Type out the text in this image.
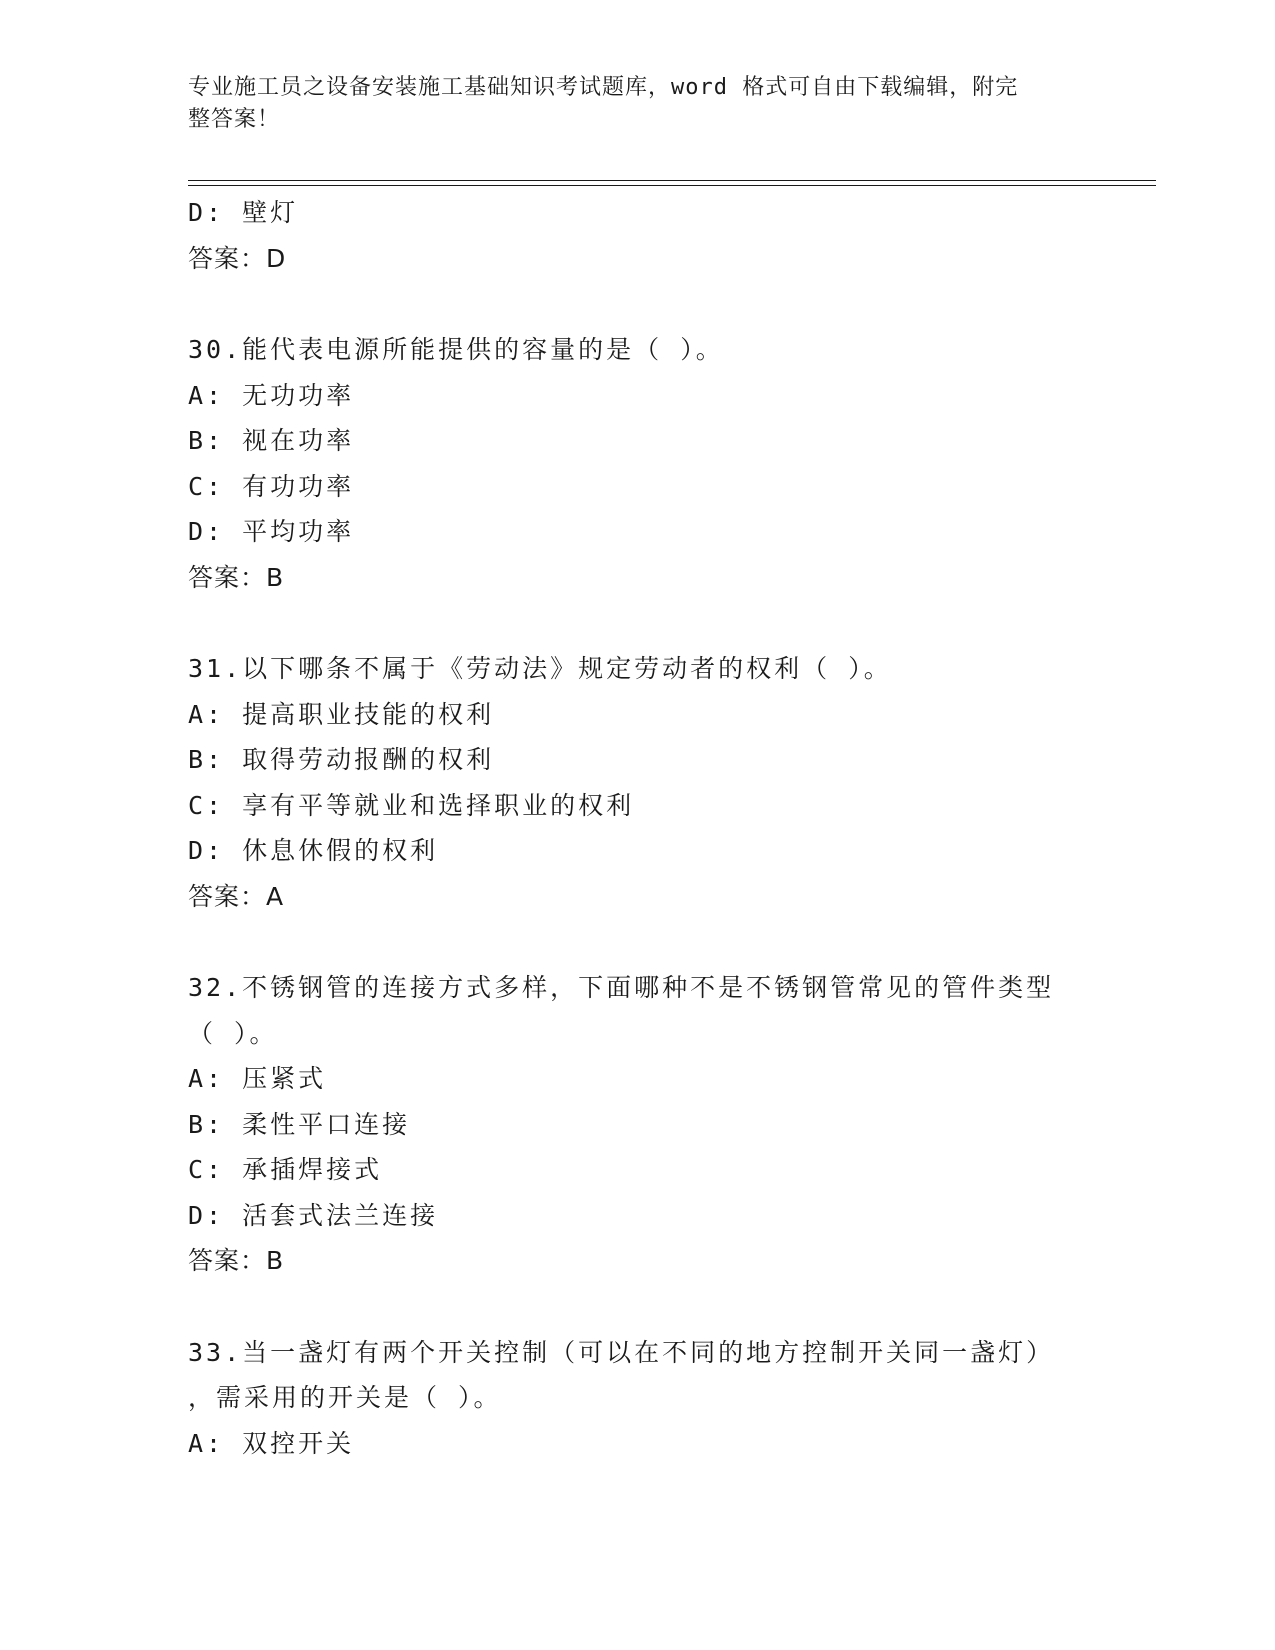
专业施工员之设备安装施工基础知识考试题库，word 格式可自由下载编辑，附完
整答案！
D: 壁灯
答案：D
30.能代表电源所能提供的容量的是（ ）。
A: 无功功率
B: 视在功率
C: 有功功率
D: 平均功率
答案：B
31.以下哪条不属于《劳动法》规定劳动者的权利（ ）。
A: 提高职业技能的权利
B: 取得劳动报酬的权利
C: 享有平等就业和选择职业的权利
D: 休息休假的权利
答案：A
32.不锈钢管的连接方式多样，下面哪种不是不锈钢管常见的管件类型
（ ）。
A: 压紧式
B: 柔性平口连接
C: 承插焊接式
D: 活套式法兰连接
答案：B
33.当一盏灯有两个开关控制（可以在不同的地方控制开关同一盏灯）
，需采用的开关是（ ）。
A: 双控开关
